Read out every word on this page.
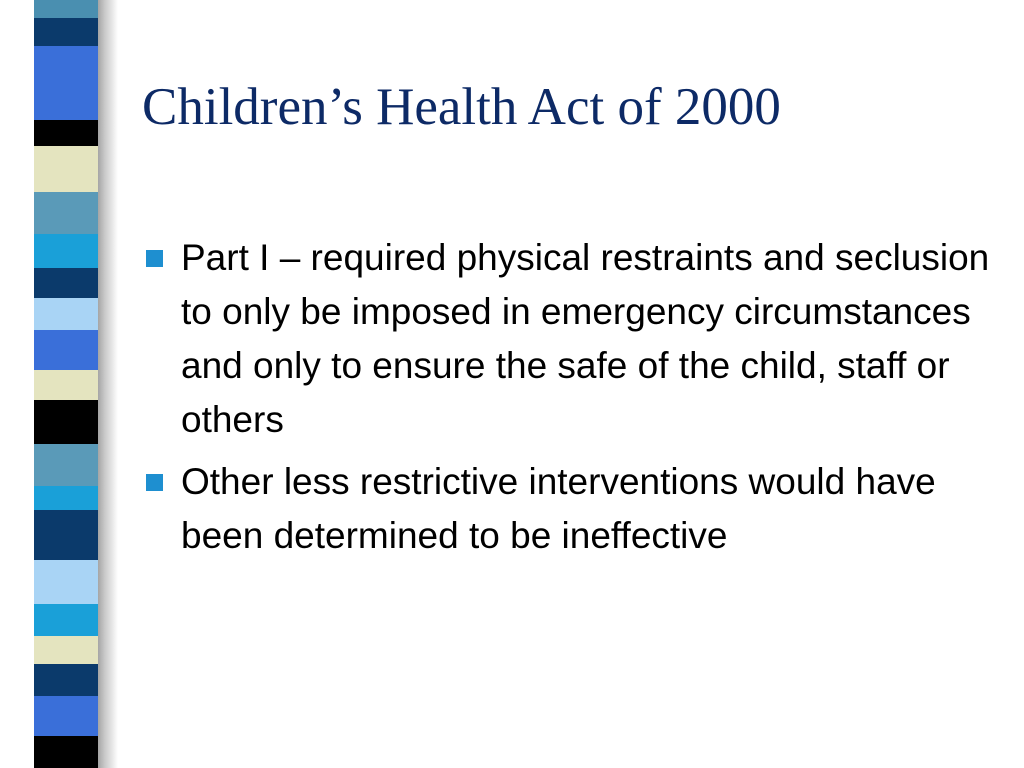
Children’s Health Act of 2000
Part I – required physical restraints and seclusion to only be imposed in emergency circumstances and only to ensure the safe of the child, staff or others
Other less restrictive interventions would have been determined to be ineffective
